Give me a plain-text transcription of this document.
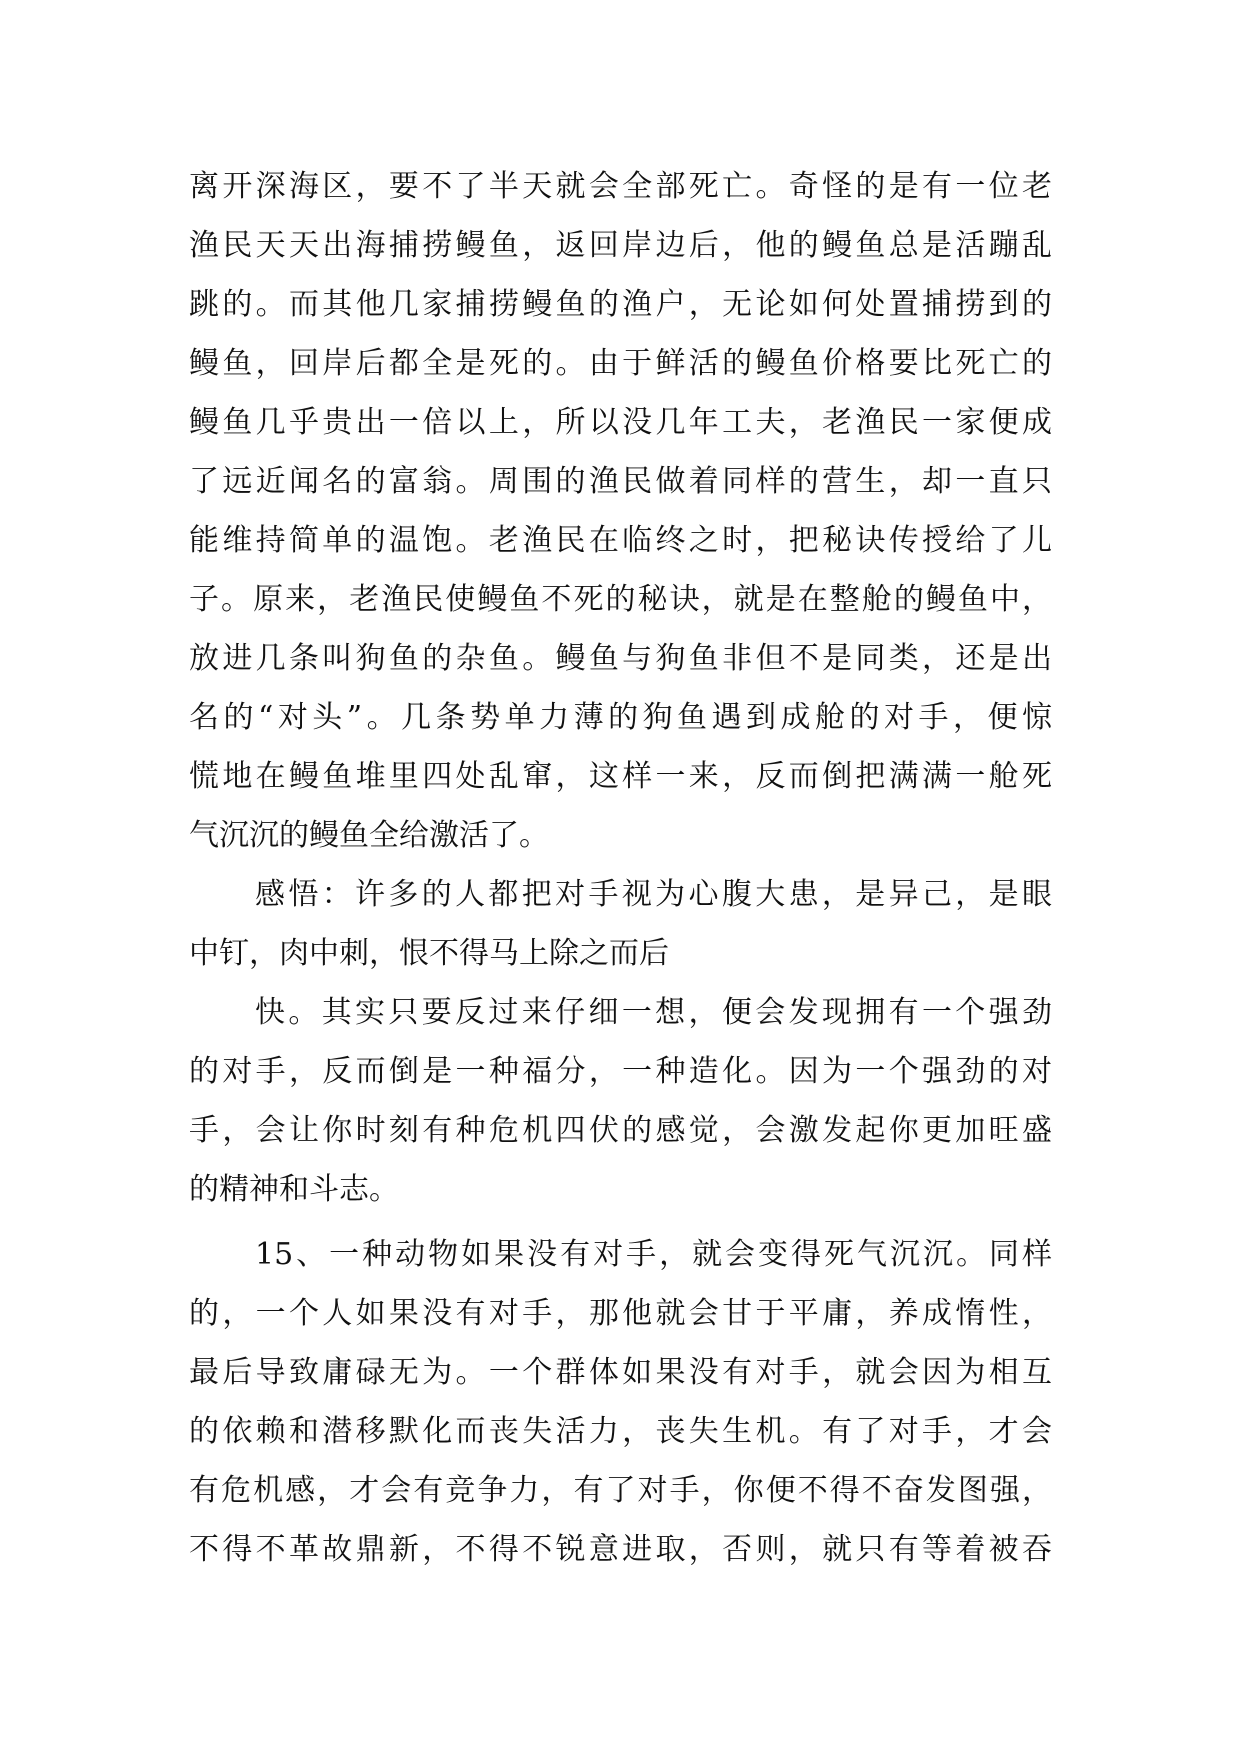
离开深海区，要不了半天就会全部死亡。奇怪的是有一位老
渔民天天出海捕捞鳗鱼，返回岸边后，他的鳗鱼总是活蹦乱
跳的。而其他几家捕捞鳗鱼的渔户，无论如何处置捕捞到的
鳗鱼，回岸后都全是死的。由于鲜活的鳗鱼价格要比死亡的
鳗鱼几乎贵出一倍以上，所以没几年工夫，老渔民一家便成
了远近闻名的富翁。周围的渔民做着同样的营生，却一直只
能维持简单的温饱。老渔民在临终之时，把秘诀传授给了儿
子。原来，老渔民使鳗鱼不死的秘诀，就是在整舱的鳗鱼中，
放进几条叫狗鱼的杂鱼。鳗鱼与狗鱼非但不是同类，还是出
名的“对头”。几条势单力薄的狗鱼遇到成舱的对手，便惊
慌地在鳗鱼堆里四处乱窜，这样一来，反而倒把满满一舱死
气沉沉的鳗鱼全给激活了。
感悟：许多的人都把对手视为心腹大患，是异己，是眼
中钉，肉中刺，恨不得马上除之而后
快。其实只要反过来仔细一想，便会发现拥有一个强劲
的对手，反而倒是一种福分，一种造化。因为一个强劲的对
手，会让你时刻有种危机四伏的感觉，会激发起你更加旺盛
的精神和斗志。
15、一种动物如果没有对手，就会变得死气沉沉。同样
的，一个人如果没有对手，那他就会甘于平庸，养成惰性，
最后导致庸碌无为。一个群体如果没有对手，就会因为相互
的依赖和潜移默化而丧失活力，丧失生机。有了对手，才会
有危机感，才会有竞争力，有了对手，你便不得不奋发图强，
不得不革故鼎新，不得不锐意进取，否则，就只有等着被吞
